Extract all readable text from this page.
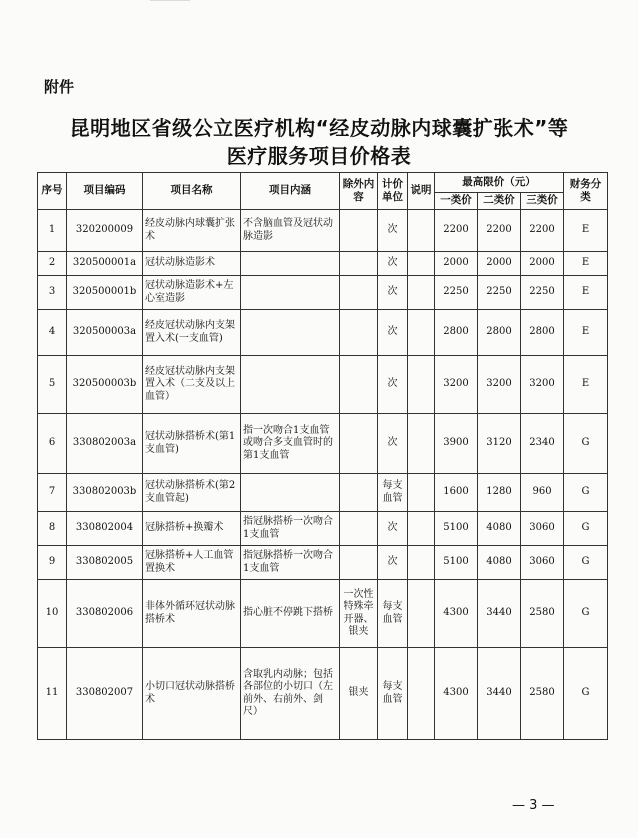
附件
昆明地区省级公立医疗机构“经皮动脉内球囊扩张术”等
医疗服务项目价格表
序号	项目编码	项目名称	项目内涵	除外内容	计价单位	说明	最高限价（元）			财务分类
							一类价	二类价	三类价	
1	320200009	经皮动脉内球囊扩张术	不含脑血管及冠状动脉造影		次		2200	2200	2200	E
2	320500001a	冠状动脉造影术			次		2000	2000	2000	E
3	320500001b	冠状动脉造影术+左心室造影			次		2250	2250	2250	E
4	320500003a	经皮冠状动脉内支架置入术(一支血管)			次		2800	2800	2800	E
5	320500003b	经皮冠状动脉内支架置入术（二支及以上血管）			次		3200	3200	3200	E
6	330802003a	冠状动脉搭桥术(第1支血管)	指一次吻合1支血管或吻合多支血管时的第1支血管		次		3900	3120	2340	G
7	330802003b	冠状动脉搭桥术(第2支血管起)			每支血管		1600	1280	960	G
8	330802004	冠脉搭桥+换瓣术	指冠脉搭桥一次吻合1支血管		次		5100	4080	3060	G
9	330802005	冠脉搭桥+人工血管置换术	指冠脉搭桥一次吻合1支血管		次		5100	4080	3060	G
10	330802006	非体外循环冠状动脉搭桥术	指心脏不停跳下搭桥	一次性特殊牵开器、银夹	每支血管		4300	3440	2580	G
11	330802007	小切口冠状动脉搭桥术	含取乳内动脉；包括各部位的小切口（左前外、右前外、剑尺）	银夹	每支血管		4300	3440	2580	G
— 3 —
